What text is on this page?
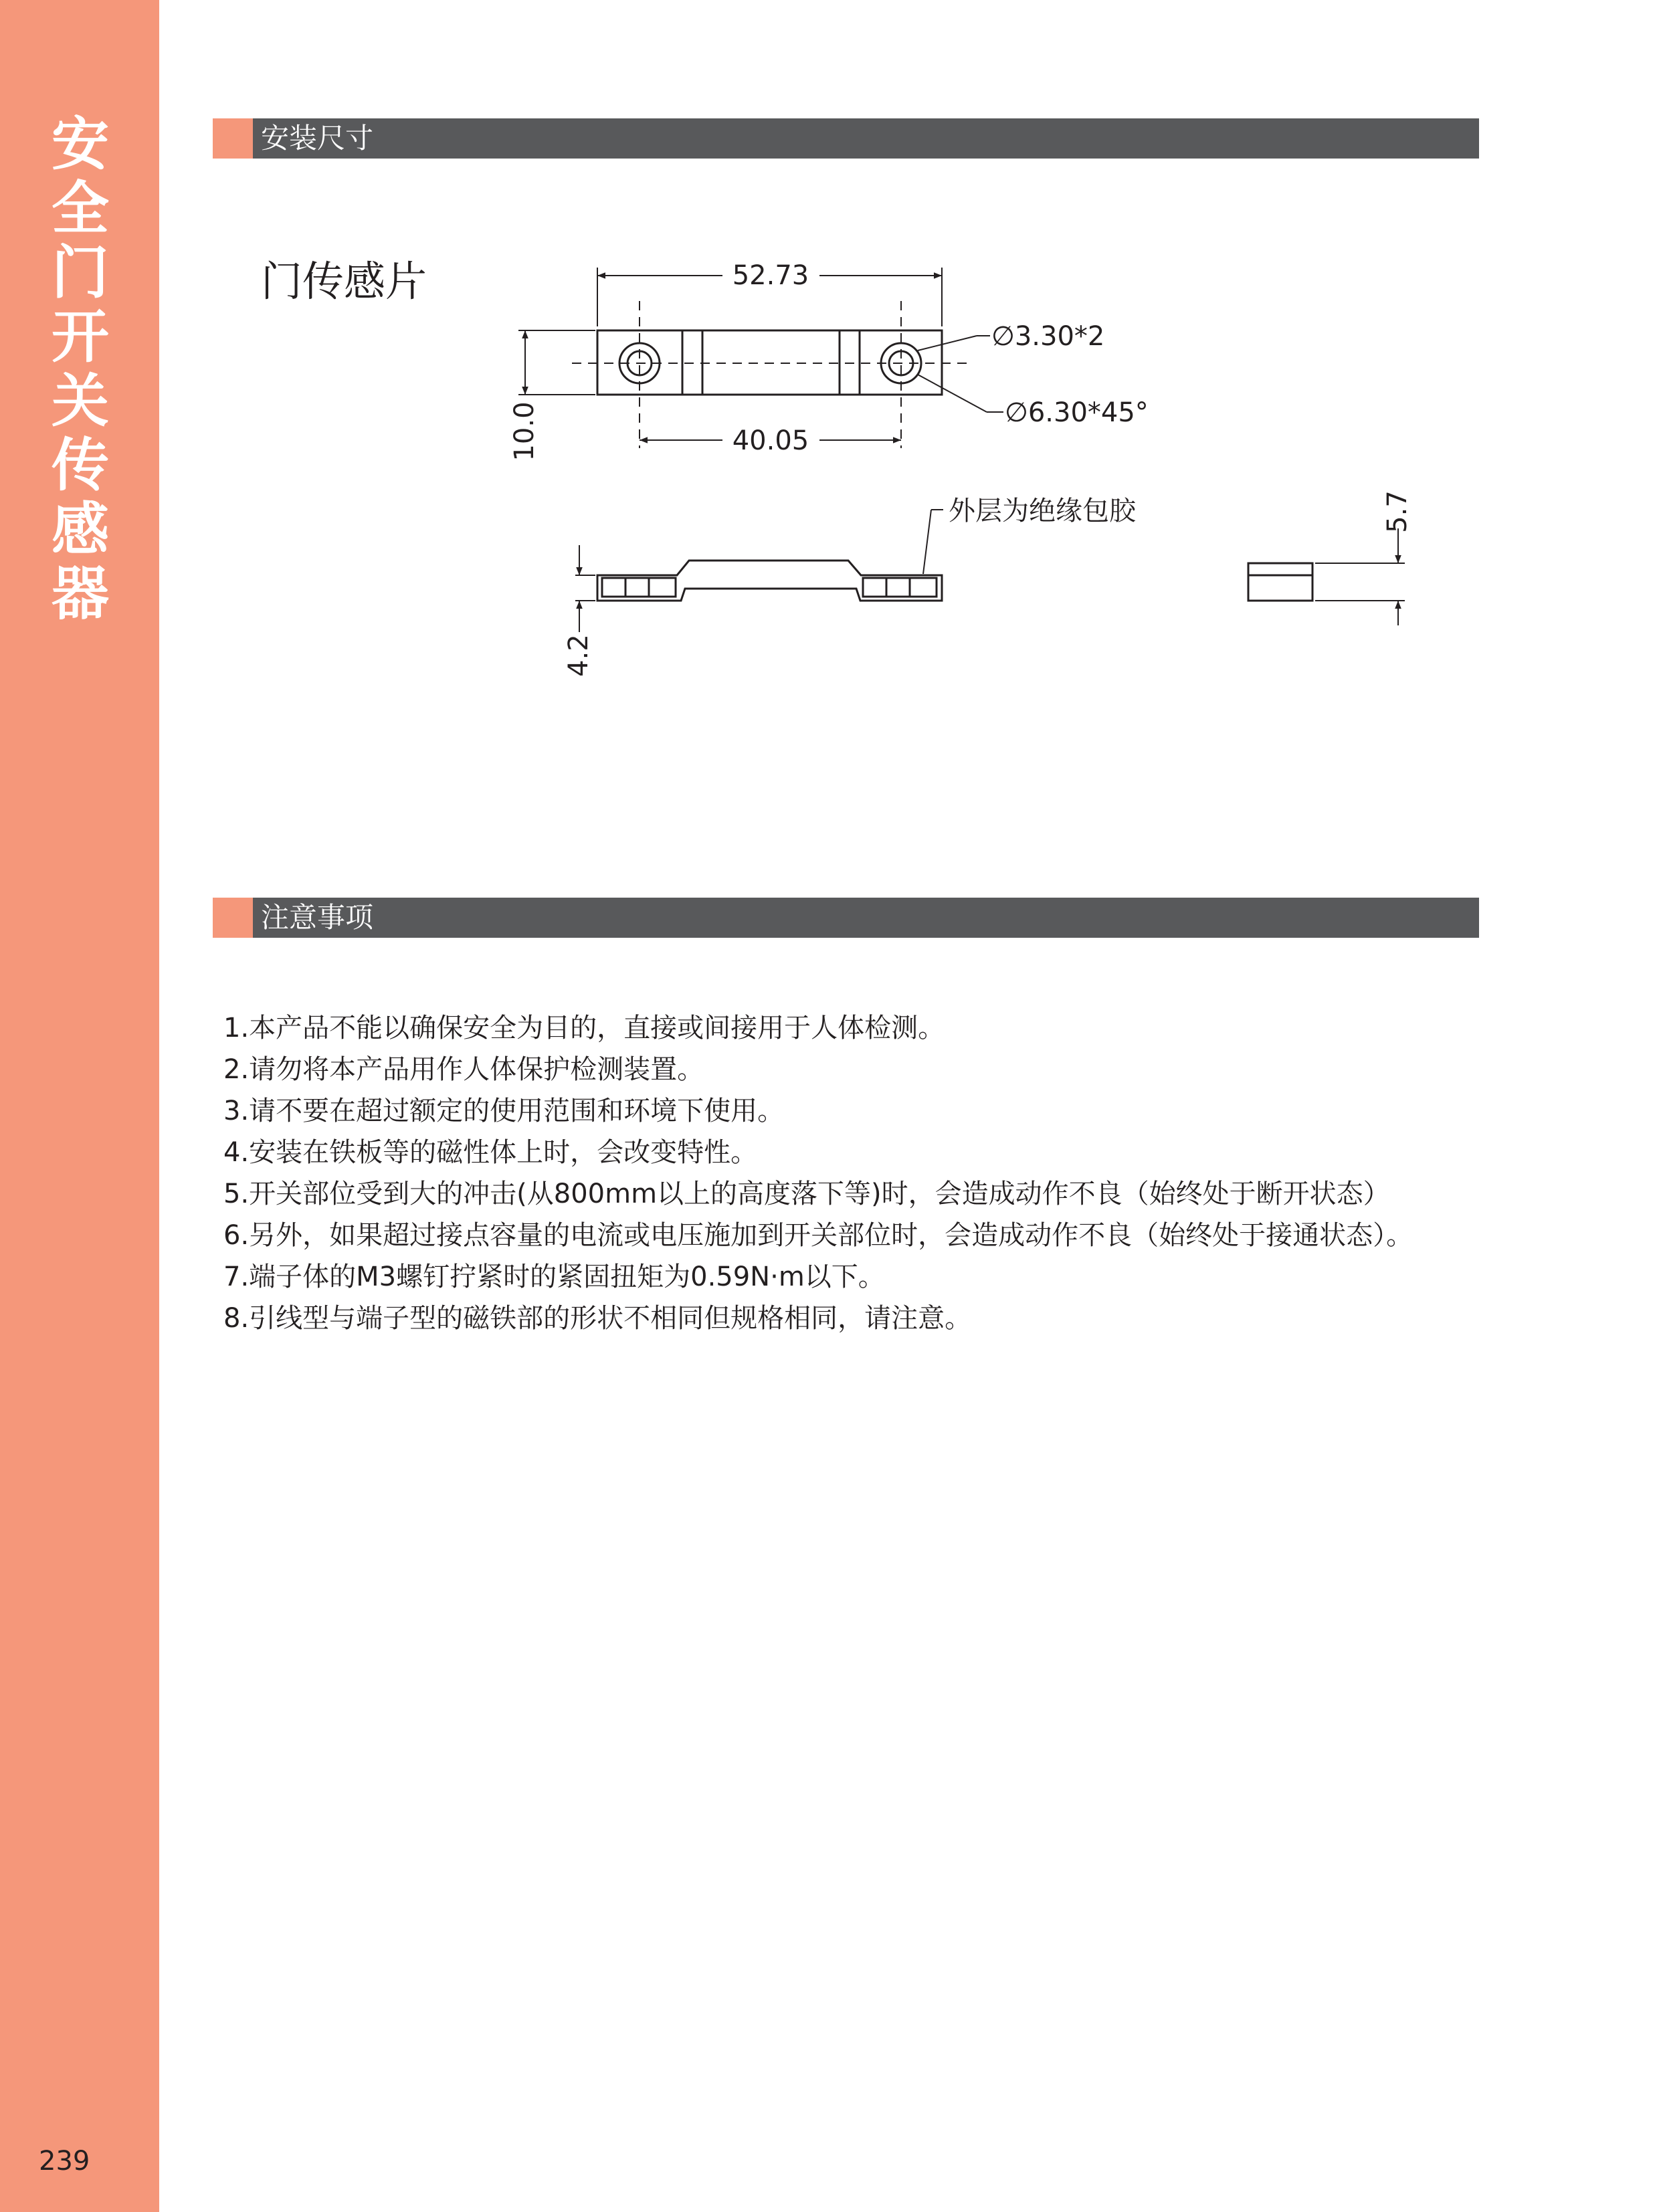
安全门开关传感器
239
安装尺寸
门传感片	52.73
40.05
10.0
∅3.30*2
∅6.30*45°
外层为绝缘包胶
4.2
5.7
注意事项
1.本产品不能以确保安全为目的，直接或间接用于人体检测。
2.请勿将本产品用作人体保护检测装置。
3.请不要在超过额定的使用范围和环境下使用。
4.安装在铁板等的磁性体上时，会改变特性。
5.开关部位受到大的冲击(从800mm以上的高度落下等)时，会造成动作不良（始终处于断开状态）
6.另外，如果超过接点容量的电流或电压施加到开关部位时，会造成动作不良（始终处于接通状态）。
7.端子体的M3螺钉拧紧时的紧固扭矩为0.59N·m以下。
8.引线型与端子型的磁铁部的形状不相同但规格相同，请注意。
